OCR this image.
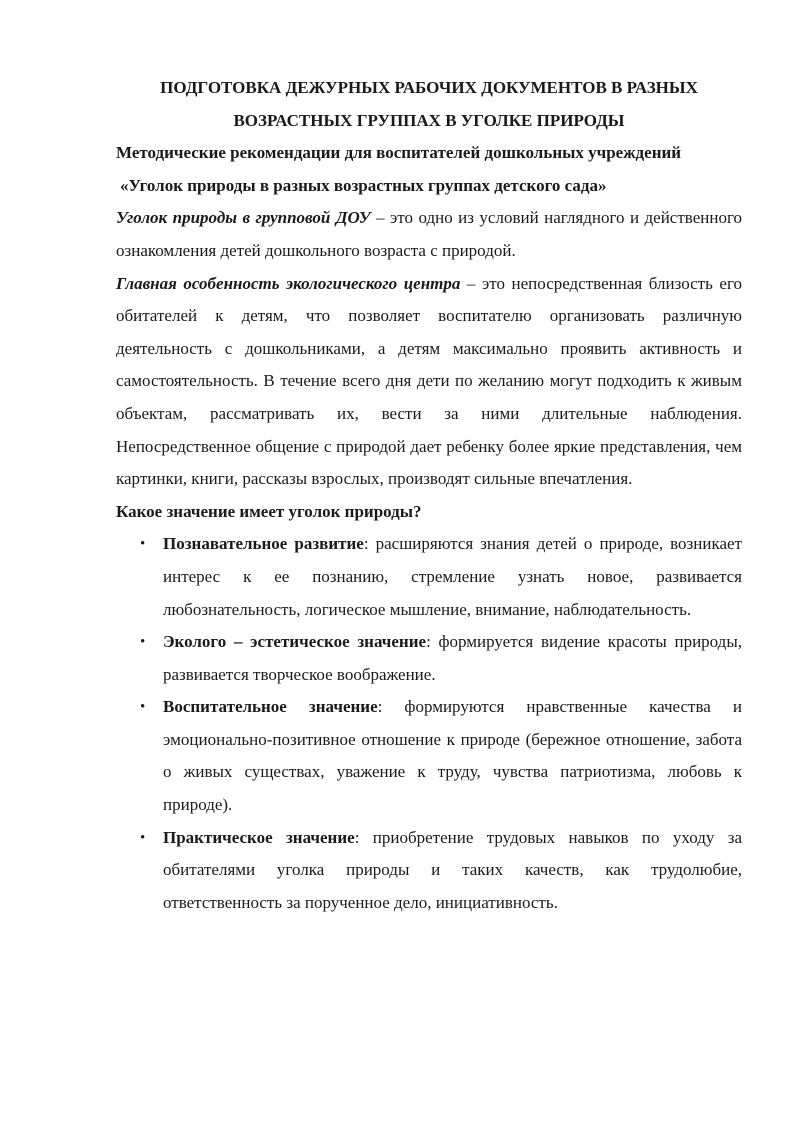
ПОДГОТОВКА ДЕЖУРНЫХ РАБОЧИХ ДОКУМЕНТОВ В РАЗНЫХ
ВОЗРАСТНЫХ ГРУППАХ В УГОЛКЕ ПРИРОДЫ
Методические рекомендации для воспитателей дошкольных учреждений
«Уголок природы в разных возрастных группах детского сада»

Уголок природы в групповой ДОУ – это одно из условий наглядного и действенного ознакомления детей дошкольного возраста с природой.

Главная особенность экологического центра – это непосредственная близость его обитателей к детям, что позволяет воспитателю организовать различную деятельность с дошкольниками, а детям максимально проявить активность и самостоятельность. В течение всего дня дети по желанию могут подходить к живым объектам, рассматривать их, вести за ними длительные наблюдения. Непосредственное общение с природой дает ребенку более яркие представления, чем картинки, книги, рассказы взрослых, производят сильные впечатления.

Какое значение имеет уголок природы?
• Познавательное развитие: расширяются знания детей о природе, возникает интерес к ее познанию, стремление узнать новое, развивается любознательность, логическое мышление, внимание, наблюдательность.
• Эколого – эстетическое значение: формируется видение красоты природы, развивается творческое воображение.
• Воспитательное значение: формируются нравственные качества и эмоционально-позитивное отношение к природе (бережное отношение, забота о живых существах, уважение к труду, чувства патриотизма, любовь к природе).
• Практическое значение: приобретение трудовых навыков по уходу за обитателями уголка природы и таких качеств, как трудолюбие, ответственность за порученное дело, инициативность.
